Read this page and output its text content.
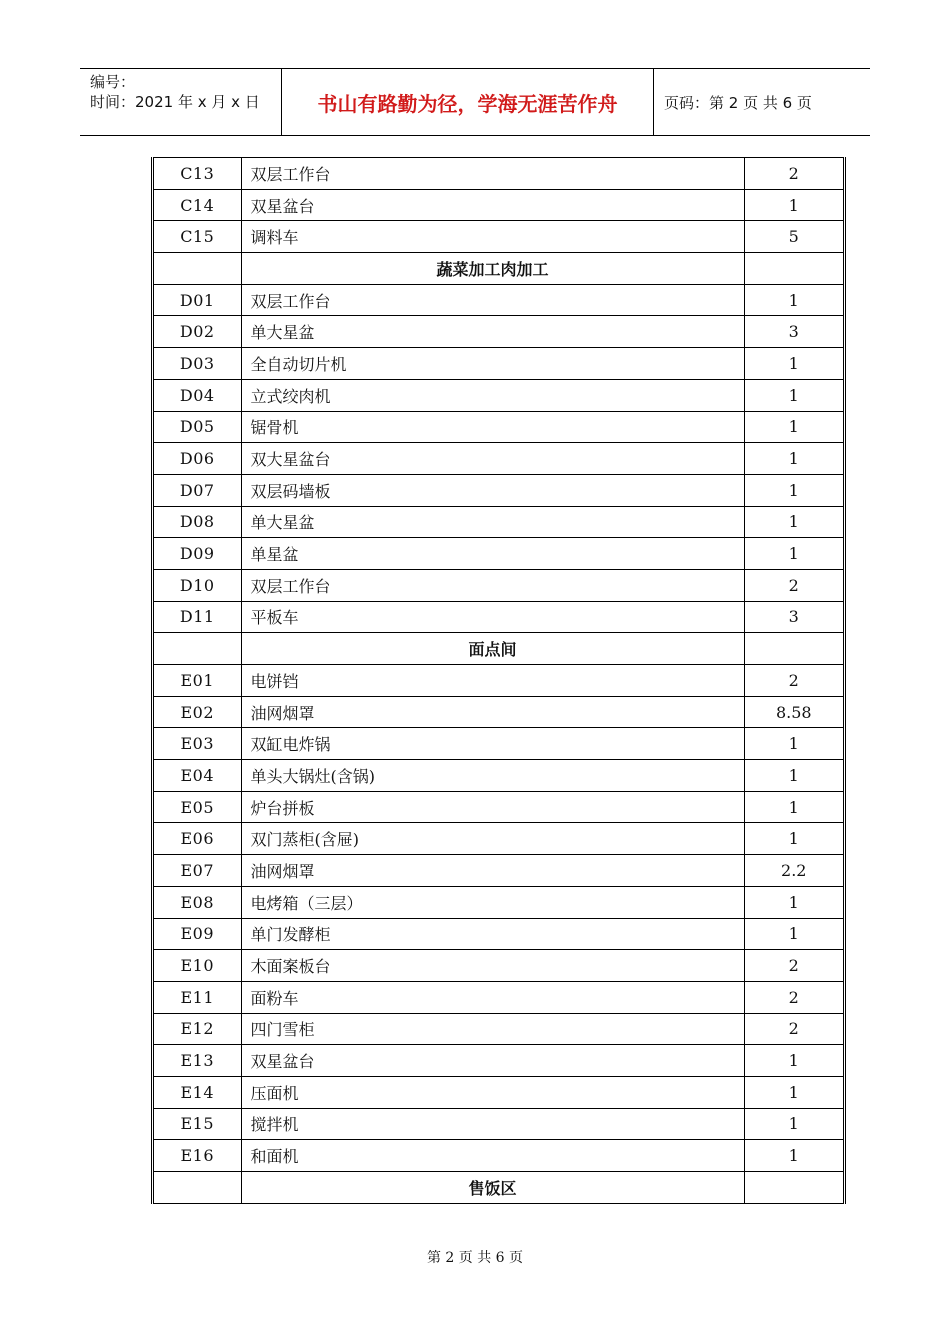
编号：
时间：2021 年 x 月 x 日	书山有路勤为径，学海无涯苦作舟	页码：第 2 页 共 6 页
C13	双层工作台	2
C14	双星盆台	1
C15	调料车	5
	蔬菜加工肉加工	
D01	双层工作台	1
D02	单大星盆	3
D03	全自动切片机	1
D04	立式绞肉机	1
D05	锯骨机	1
D06	双大星盆台	1
D07	双层码墙板	1
D08	单大星盆	1
D09	单星盆	1
D10	双层工作台	2
D11	平板车	3
	面点间	
E01	电饼铛	2
E02	油网烟罩	8.58
E03	双缸电炸锅	1
E04	单头大锅灶(含锅)	1
E05	炉台拼板	1
E06	双门蒸柜(含屉)	1
E07	油网烟罩	2.2
E08	电烤箱（三层）	1
E09	单门发酵柜	1
E10	木面案板台	2
E11	面粉车	2
E12	四门雪柜	2
E13	双星盆台	1
E14	压面机	1
E15	搅拌机	1
E16	和面机	1
	售饭区	
第 2 页 共 6 页
